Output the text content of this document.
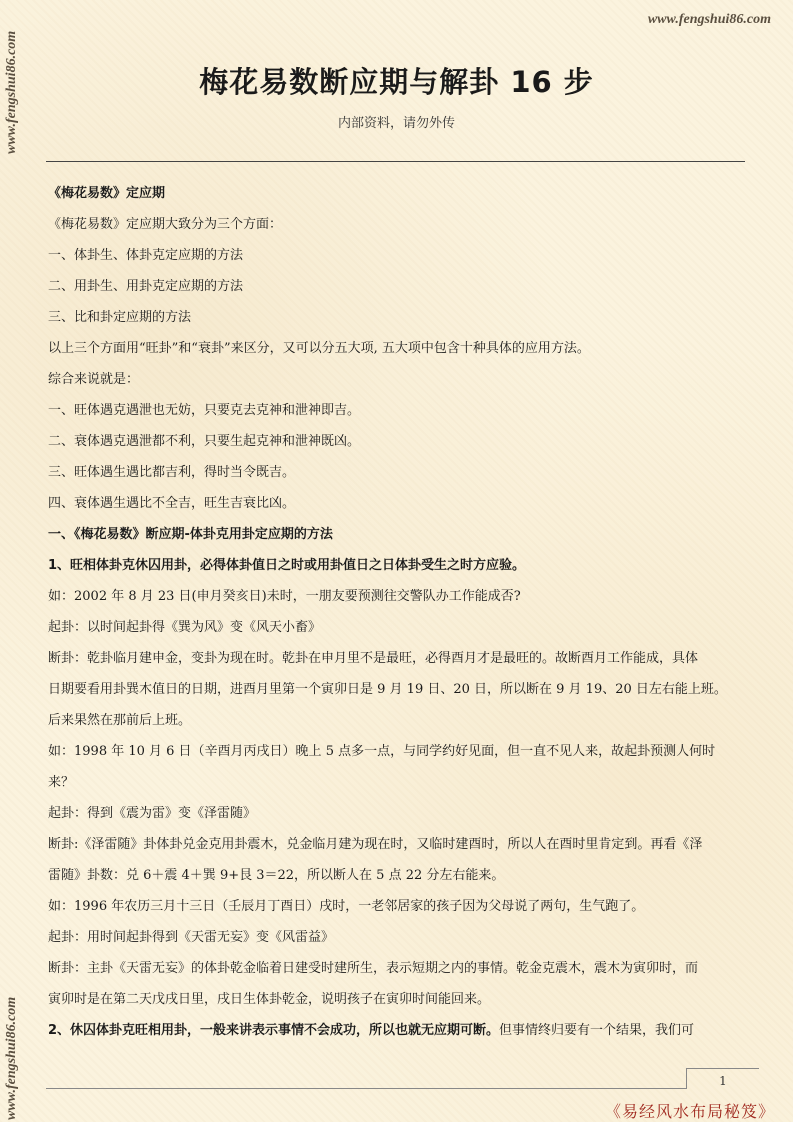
www.fengshui86.com
www.fengshui86.com
www.fengshui86.com
梅花易数断应期与解卦 16 步
内部资料，请勿外传
《梅花易数》定应期
《梅花易数》定应期大致分为三个方面：
一、体卦生、体卦克定应期的方法
二、用卦生、用卦克定应期的方法
三、比和卦定应期的方法
以上三个方面用“旺卦”和“衰卦”来区分，又可以分五大项, 五大项中包含十种具体的应用方法。
综合来说就是：
一、旺体遇克遇泄也无妨，只要克去克神和泄神即吉。
二、衰体遇克遇泄都不利，只要生起克神和泄神既凶。
三、旺体遇生遇比都吉利，得时当令既吉。
四、衰体遇生遇比不全吉，旺生吉衰比凶。
一、《梅花易数》断应期-体卦克用卦定应期的方法
1、旺相体卦克休囚用卦，必得体卦值日之时或用卦值日之日体卦受生之时方应验。
如：2002 年 8 月 23 日(申月癸亥日)未时，一朋友要预测往交警队办工作能成否?
起卦：以时间起卦得《巽为风》变《风天小畜》
断卦：乾卦临月建申金，变卦为现在时。乾卦在申月里不是最旺，必得酉月才是最旺的。故断酉月工作能成，具体
日期要看用卦巽木值日的日期，进酉月里第一个寅卯日是 9 月 19 日、20 日，所以断在 9 月 19、20 日左右能上班。
后来果然在那前后上班。
如：1998 年 10 月 6 日（辛酉月丙戌日）晚上 5 点多一点，与同学约好见面，但一直不见人来，故起卦预测人何时
来？
起卦：得到《震为雷》变《泽雷随》
断卦:《泽雷随》卦体卦兑金克用卦震木，兑金临月建为现在时，又临时建酉时，所以人在酉时里肯定到。再看《泽
雷随》卦数：兑 6＋震 4＋巽 9+艮 3＝22，所以断人在 5 点 22 分左右能来。
如：1996 年农历三月十三日（壬辰月丁酉日）戌时，一老邻居家的孩子因为父母说了两句，生气跑了。
起卦：用时间起卦得到《天雷无妄》变《风雷益》
断卦：主卦《天雷无妄》的体卦乾金临着日建受时建所生，表示短期之内的事情。乾金克震木，震木为寅卯时，而
寅卯时是在第二天戊戌日里，戌日生体卦乾金，说明孩子在寅卯时间能回来。
2、休囚体卦克旺相用卦，一般来讲表示事情不会成功，所以也就无应期可断。但事情终归要有一个结果，我们可
1
《易经风水布局秘笈》
